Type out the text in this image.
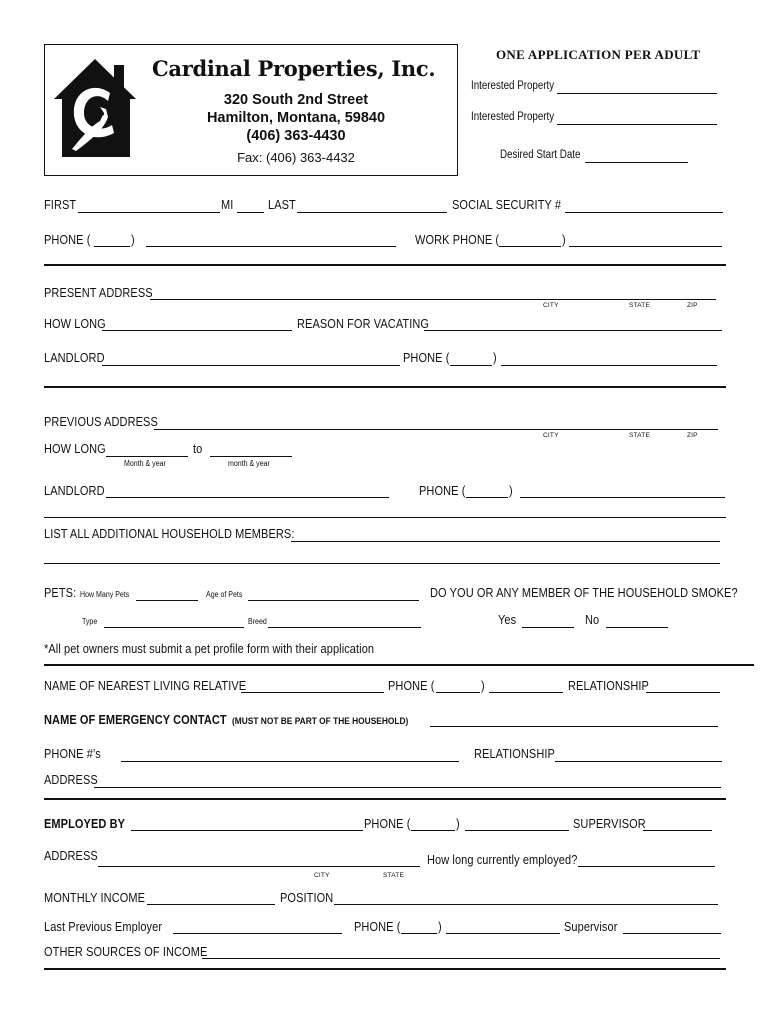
Cardinal Properties, Inc.
320 South 2nd Street
Hamilton, Montana, 59840
(406) 363-4430
Fax: (406) 363-4432
ONE APPLICATION PER ADULT
Interested Property
Interested Property
Desired Start Date
FIRST	MI	LAST	SOCIAL SECURITY #
PHONE (	)	WORK PHONE (	)
PRESENT ADDRESS
CITY	STATE	ZIP
HOW LONG	REASON FOR VACATING
LANDLORD	PHONE (	)
PREVIOUS ADDRESS
CITY	STATE	ZIP
HOW LONG	to
Month & year	month & year
LANDLORD	PHONE (	)
LIST ALL ADDITIONAL HOUSEHOLD MEMBERS:
PETS: How Many Pets	Age of Pets	DO YOU OR ANY MEMBER OF THE HOUSEHOLD SMOKE?
Type	Breed	Yes	No
*All pet owners must submit a pet profile form with their application
NAME OF NEAREST LIVING RELATIVE	PHONE (	)	RELATIONSHIP
NAME OF EMERGENCY CONTACT (MUST NOT BE PART OF THE HOUSEHOLD)
PHONE #’s	RELATIONSHIP
ADDRESS
EMPLOYED BY	PHONE (	)	SUPERVISOR
ADDRESS
CITY	STATE
How long currently employed?
MONTHLY INCOME	POSITION
Last Previous Employer	PHONE (	)	Supervisor
OTHER SOURCES OF INCOME
